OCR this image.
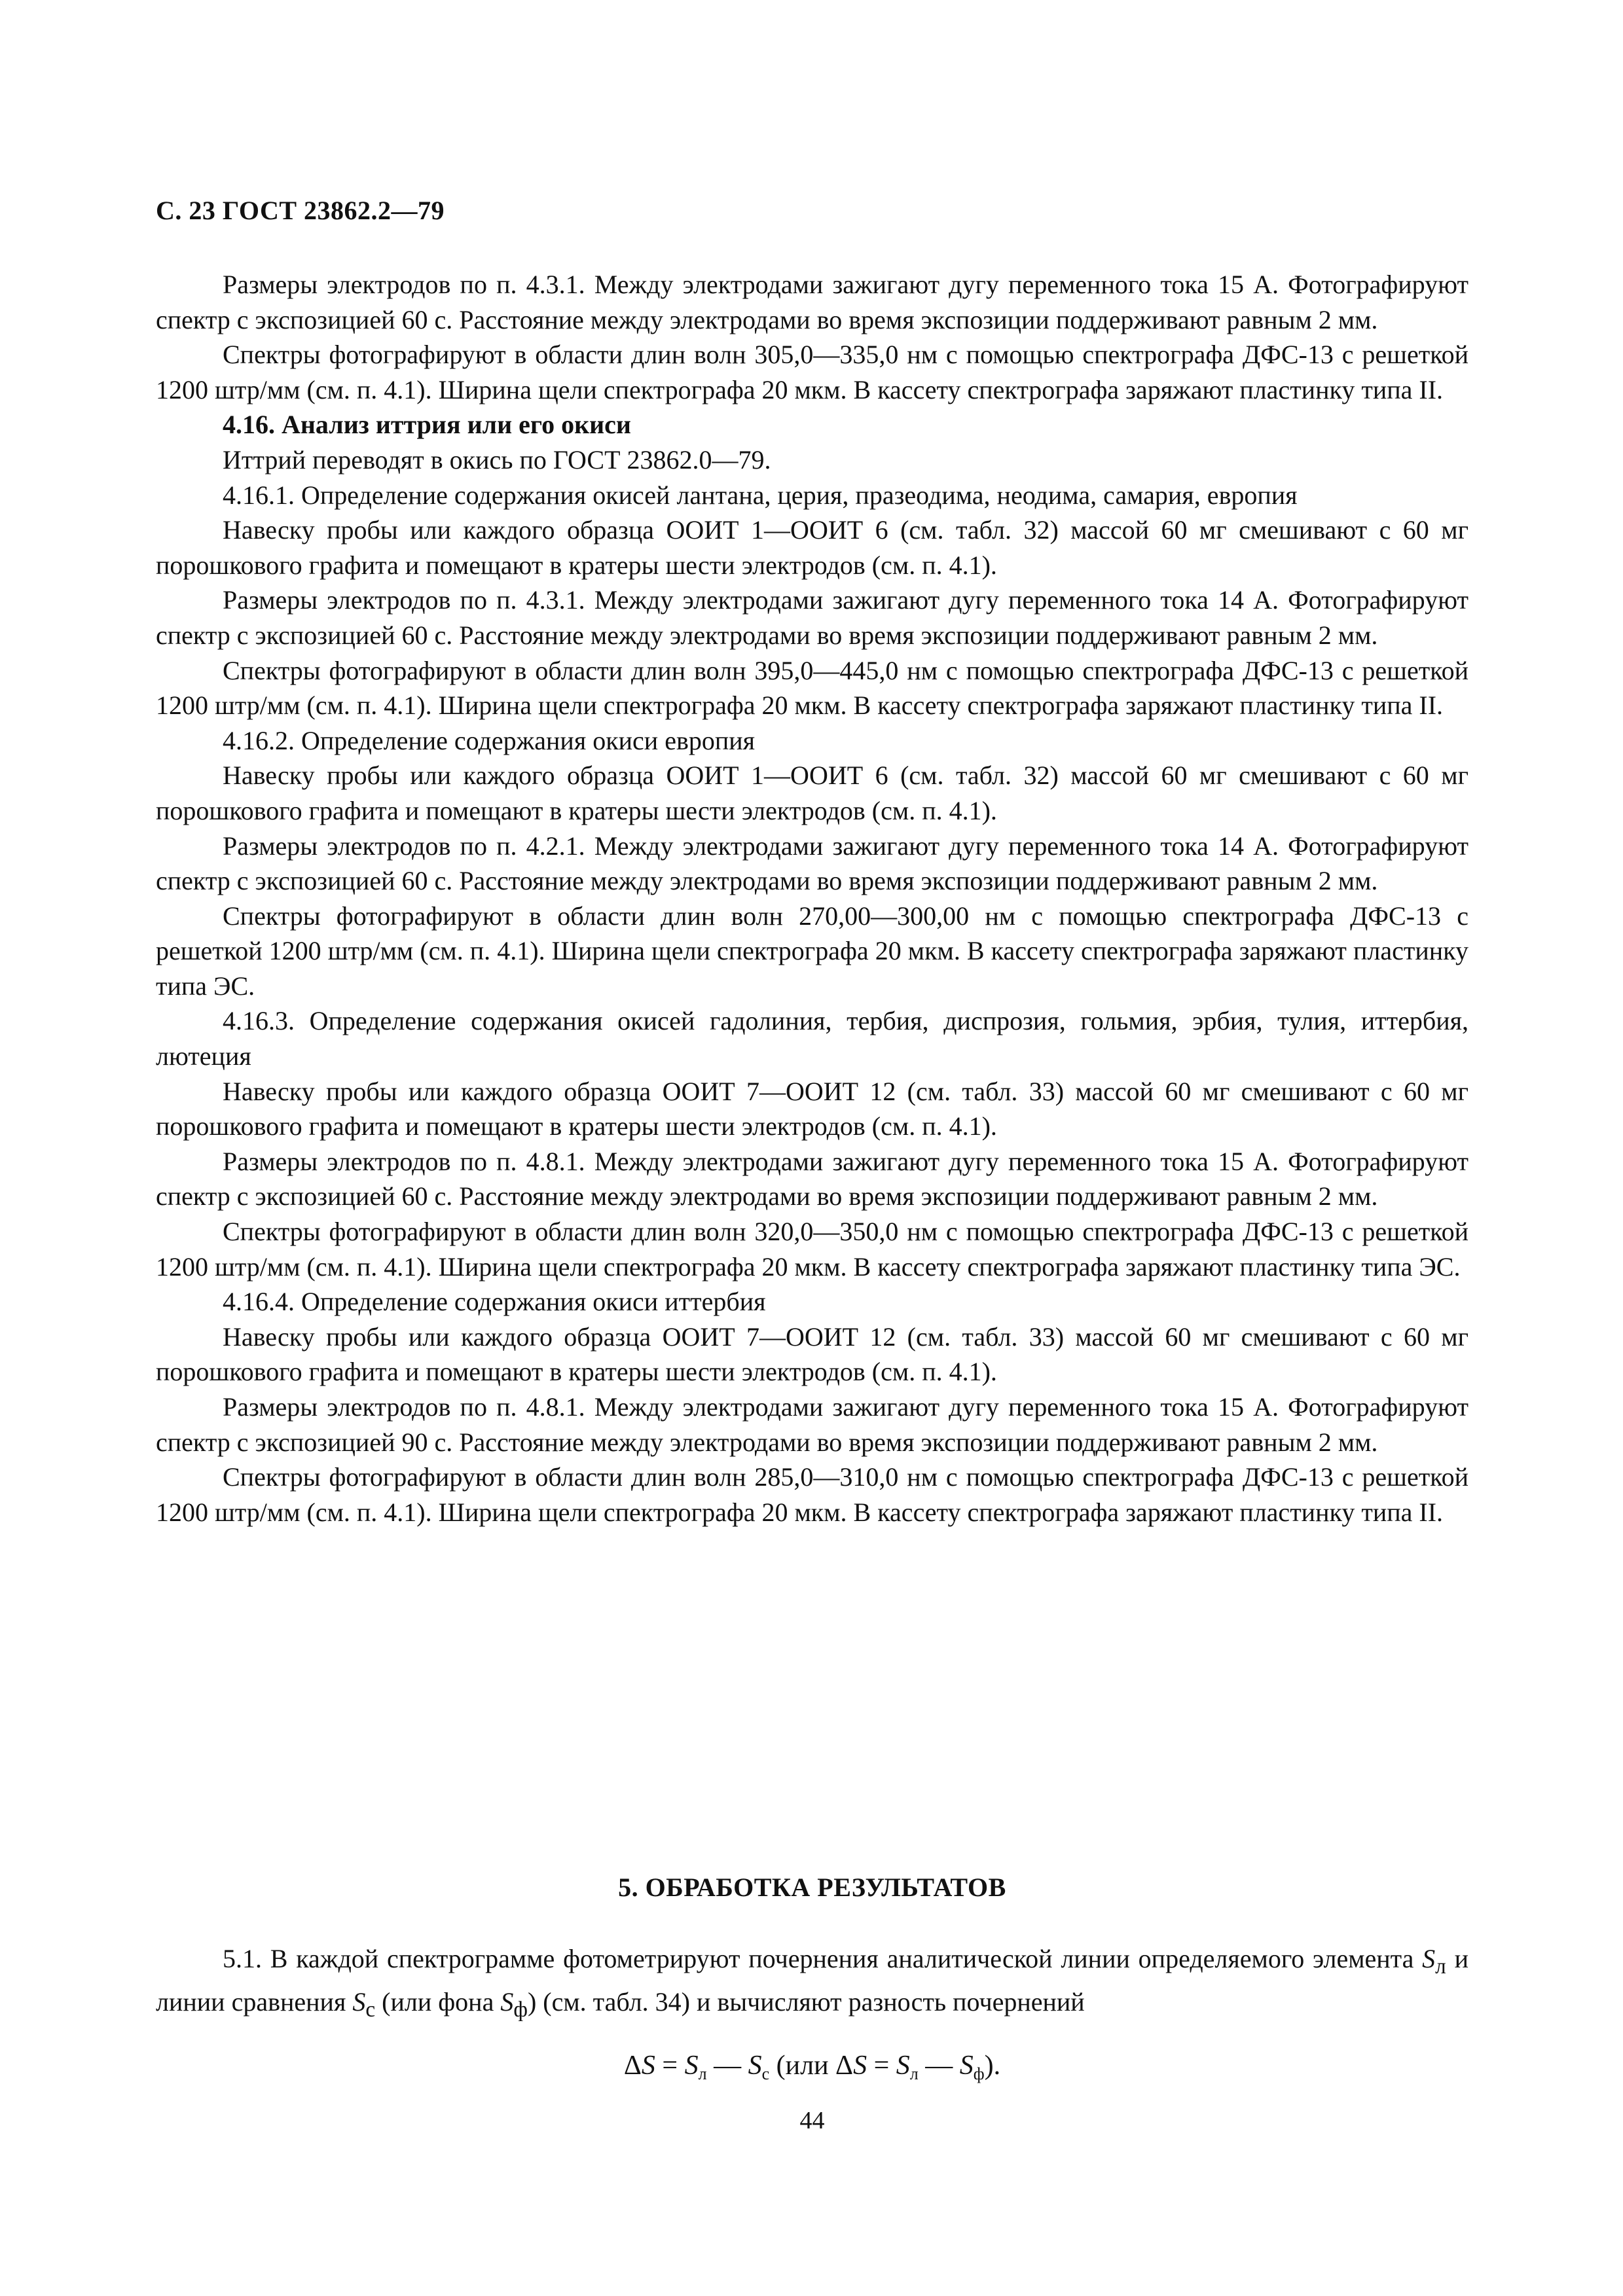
С. 23 ГОСТ 23862.2—79

Размеры электродов по п. 4.3.1. Между электродами зажигают дугу переменного тока 15 А. Фотографируют спектр с экспозицией 60 с. Расстояние между электродами во время экспозиции поддерживают равным 2 мм.

Спектры фотографируют в области длин волн 305,0—335,0 нм с помощью спектрографа ДФС-13 с решеткой 1200 штр/мм (см. п. 4.1). Ширина щели спектрографа 20 мкм. В кассету спектрографа заряжают пластинку типа II.

4.16. Анализ иттрия или его окиси

Иттрий переводят в окись по ГОСТ 23862.0—79.

4.16.1. Определение содержания окисей лантана, церия, празеодима, неодима, самария, европия

Навеску пробы или каждого образца ООИТ 1—ООИТ 6 (см. табл. 32) массой 60 мг смешивают с 60 мг порошкового графита и помещают в кратеры шести электродов (см. п. 4.1).

Размеры электродов по п. 4.3.1. Между электродами зажигают дугу переменного тока 14 А. Фотографируют спектр с экспозицией 60 с. Расстояние между электродами во время экспозиции поддерживают равным 2 мм.

Спектры фотографируют в области длин волн 395,0—445,0 нм с помощью спектрографа ДФС-13 с решеткой 1200 штр/мм (см. п. 4.1). Ширина щели спектрографа 20 мкм. В кассету спектрографа заряжают пластинку типа II.

4.16.2. Определение содержания окиси европия

Навеску пробы или каждого образца ООИТ 1—ООИТ 6 (см. табл. 32) массой 60 мг смешивают с 60 мг порошкового графита и помещают в кратеры шести электродов (см. п. 4.1).

Размеры электродов по п. 4.2.1. Между электродами зажигают дугу переменного тока 14 А. Фотографируют спектр с экспозицией 60 с. Расстояние между электродами во время экспозиции поддерживают равным 2 мм.

Спектры фотографируют в области длин волн 270,00—300,00 нм с помощью спектрографа ДФС-13 с решеткой 1200 штр/мм (см. п. 4.1). Ширина щели спектрографа 20 мкм. В кассету спектрографа заряжают пластинку типа ЭС.

4.16.3. Определение содержания окисей гадолиния, тербия, диспрозия, гольмия, эрбия, тулия, иттербия, лютеция

Навеску пробы или каждого образца ООИТ 7—ООИТ 12 (см. табл. 33) массой 60 мг смешивают с 60 мг порошкового графита и помещают в кратеры шести электродов (см. п. 4.1).

Размеры электродов по п. 4.8.1. Между электродами зажигают дугу переменного тока 15 А. Фотографируют спектр с экспозицией 60 с. Расстояние между электродами во время экспозиции поддерживают равным 2 мм.

Спектры фотографируют в области длин волн 320,0—350,0 нм с помощью спектрографа ДФС-13 с решеткой 1200 штр/мм (см. п. 4.1). Ширина щели спектрографа 20 мкм. В кассету спектрографа заряжают пластинку типа ЭС.

4.16.4. Определение содержания окиси иттербия

Навеску пробы или каждого образца ООИТ 7—ООИТ 12 (см. табл. 33) массой 60 мг смешивают с 60 мг порошкового графита и помещают в кратеры шести электродов (см. п. 4.1).

Размеры электродов по п. 4.8.1. Между электродами зажигают дугу переменного тока 15 А. Фотографируют спектр с экспозицией 90 с. Расстояние между электродами во время экспозиции поддерживают равным 2 мм.

Спектры фотографируют в области длин волн 285,0—310,0 нм с помощью спектрографа ДФС-13 с решеткой 1200 штр/мм (см. п. 4.1). Ширина щели спектрографа 20 мкм. В кассету спектрографа заряжают пластинку типа II.

5. ОБРАБОТКА РЕЗУЛЬТАТОВ

5.1. В каждой спектрограмме фотометрируют почернения аналитической линии определяемого элемента $S_л$ и линии сравнения $S_с$ (или фона $S_ф$) (см. табл. 34) и вычисляют разность почернений

$\Delta S = S_л$ — $S_с$ (или $\Delta S = S_л$ — $S_ф$).
44
